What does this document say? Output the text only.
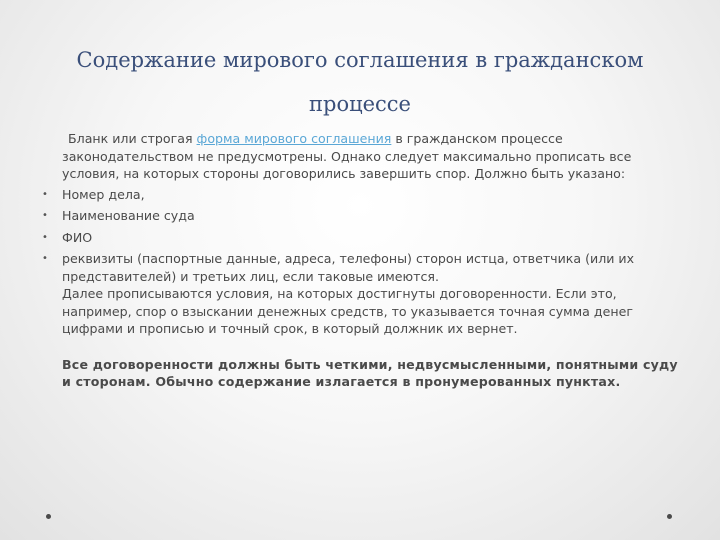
Содержание мирового соглашения в гражданском
процессе

Бланк или строгая форма мирового соглашения в гражданском процессе законодательством не предусмотрены. Однако следует максимально прописать все условия, на которых стороны договорились завершить спор. Должно быть указано:

• Номер дела,
• Наименование суда
• ФИО
• реквизиты (паспортные данные, адреса, телефоны) сторон истца, ответчика (или их представителей) и третьих лиц, если таковые имеются.
Далее прописываются условия, на которых достигнуты договоренности. Если это, например, спор о взыскании денежных средств, то указывается точная сумма денег цифрами и прописью и точный срок, в который должник их вернет.

Все договоренности должны быть четкими, недвусмысленными, понятными суду и сторонам. Обычно содержание излагается в пронумерованных пунктах.
